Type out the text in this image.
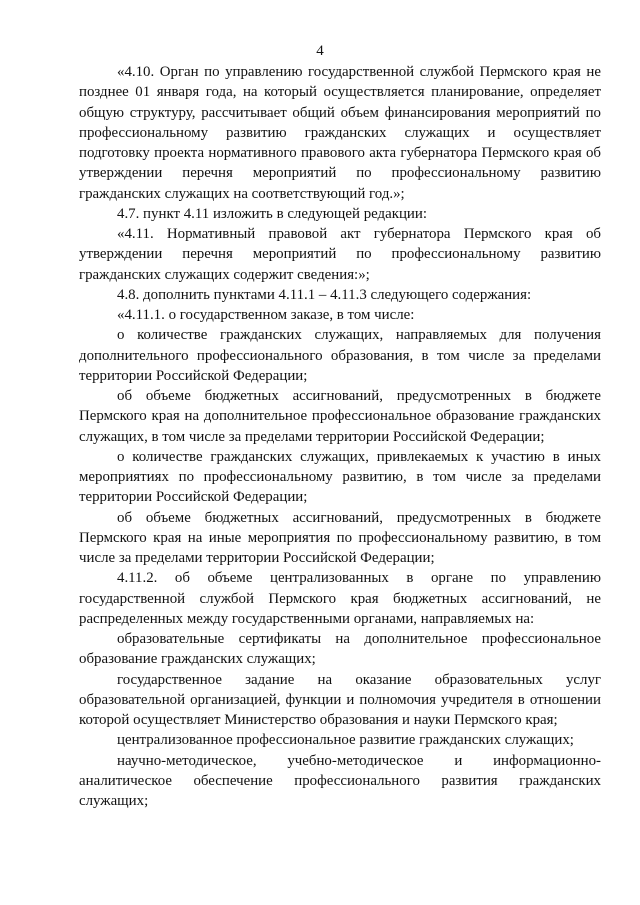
4

«4.10. Орган по управлению государственной службой Пермского края не позднее 01 января года, на который осуществляется планирование, определяет общую структуру, рассчитывает общий объем финансирования мероприятий по профессиональному развитию гражданских служащих и осуществляет подготовку проекта нормативного правового акта губернатора Пермского края об утверждении перечня мероприятий по профессиональному развитию гражданских служащих на соответствующий год.»;

4.7. пункт 4.11 изложить в следующей редакции:

«4.11. Нормативный правовой акт губернатора Пермского края об утверждении перечня мероприятий по профессиональному развитию гражданских служащих содержит сведения:»;

4.8. дополнить пунктами 4.11.1 – 4.11.3 следующего содержания:

«4.11.1. о государственном заказе, в том числе:

о количестве гражданских служащих, направляемых для получения дополнительного профессионального образования, в том числе за пределами территории Российской Федерации;

об объеме бюджетных ассигнований, предусмотренных в бюджете Пермского края на дополнительное профессиональное образование гражданских служащих, в том числе за пределами территории Российской Федерации;

о количестве гражданских служащих, привлекаемых к участию в иных мероприятиях по профессиональному развитию, в том числе за пределами территории Российской Федерации;

об объеме бюджетных ассигнований, предусмотренных в бюджете Пермского края на иные мероприятия по профессиональному развитию, в том числе за пределами территории Российской Федерации;

4.11.2. об объеме централизованных в органе по управлению государственной службой Пермского края бюджетных ассигнований, не распределенных между государственными органами, направляемых на:

образовательные сертификаты на дополнительное профессиональное образование гражданских служащих;

государственное задание на оказание образовательных услуг образовательной организацией, функции и полномочия учредителя в отношении которой осуществляет Министерство образования и науки Пермского края;

централизованное профессиональное развитие гражданских служащих;

научно-методическое, учебно-методическое и информационно-аналитическое обеспечение профессионального развития гражданских служащих;
